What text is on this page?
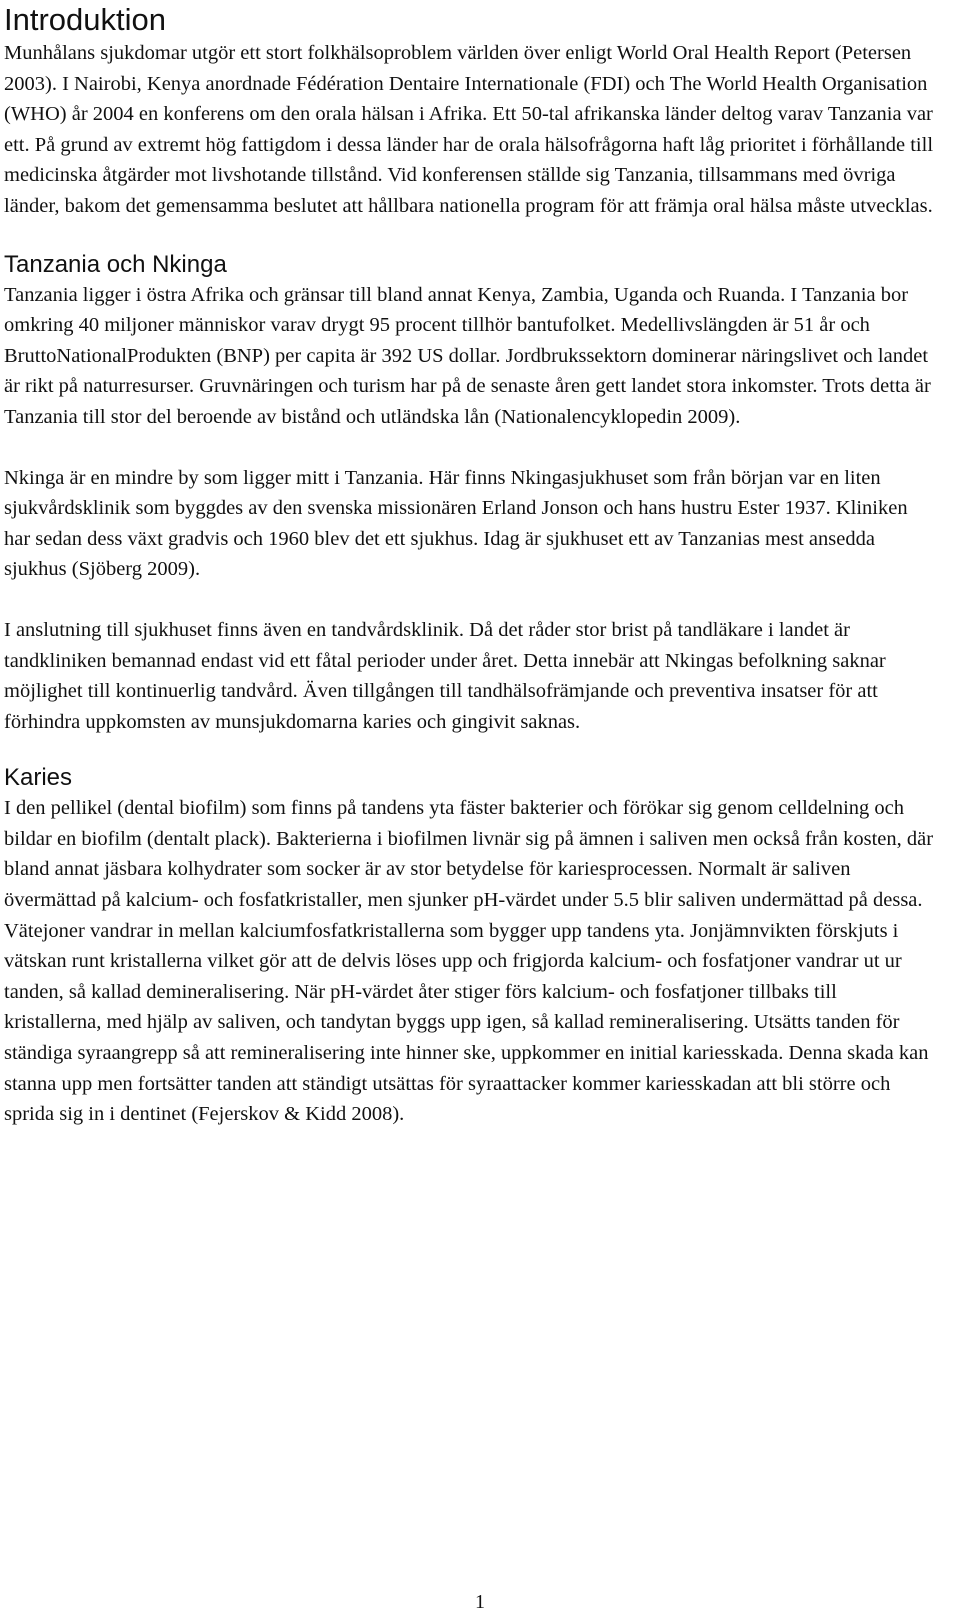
Introduktion

Munhålans sjukdomar utgör ett stort folkhälsoproblem världen över enligt World Oral Health Report (Petersen 2003). I Nairobi, Kenya anordnade Fédération Dentaire Internationale (FDI) och The World Health Organisation (WHO) år 2004 en konferens om den orala hälsan i Afrika. Ett 50-tal afrikanska länder deltog varav Tanzania var ett. På grund av extremt hög fattigdom i dessa länder har de orala hälsofrågorna haft låg prioritet i förhållande till medicinska åtgärder mot livshotande tillstånd. Vid konferensen ställde sig Tanzania, tillsammans med övriga länder, bakom det gemensamma beslutet att hållbara nationella program för att främja oral hälsa måste utvecklas.

Tanzania och Nkinga

Tanzania ligger i östra Afrika och gränsar till bland annat Kenya, Zambia, Uganda och Ruanda. I Tanzania bor omkring 40 miljoner människor varav drygt 95 procent tillhör bantufolket. Medellivslängden är 51 år och BruttoNationalProdukten (BNP) per capita är 392 US dollar. Jordbrukssektorn dominerar näringslivet och landet är rikt på naturresurser. Gruvnäringen och turism har på de senaste åren gett landet stora inkomster. Trots detta är Tanzania till stor del beroende av bistånd och utländska lån (Nationalencyklopedin 2009).

Nkinga är en mindre by som ligger mitt i Tanzania. Här finns Nkingasjukhuset som från början var en liten sjukvårdsklinik som byggdes av den svenska missionären Erland Jonson och hans hustru Ester 1937. Kliniken har sedan dess växt gradvis och 1960 blev det ett sjukhus. Idag är sjukhuset ett av Tanzanias mest ansedda sjukhus (Sjöberg 2009).

I anslutning till sjukhuset finns även en tandvårdsklinik. Då det råder stor brist på tandläkare i landet är tandkliniken bemannad endast vid ett fåtal perioder under året. Detta innebär att Nkingas befolkning saknar möjlighet till kontinuerlig tandvård. Även tillgången till tandhälsofrämjande och preventiva insatser för att förhindra uppkomsten av munsjukdomarna karies och gingivit saknas.

Karies

I den pellikel (dental biofilm) som finns på tandens yta fäster bakterier och förökar sig genom celldelning och bildar en biofilm (dentalt plack). Bakterierna i biofilmen livnär sig på ämnen i saliven men också från kosten, där bland annat jäsbara kolhydrater som socker är av stor betydelse för kariesprocessen. Normalt är saliven övermättad på kalcium- och fosfatkristaller, men sjunker pH-värdet under 5.5 blir saliven undermättad på dessa. Vätejoner vandrar in mellan kalciumfosfatkristallerna som bygger upp tandens yta. Jonjämnvikten förskjuts i vätskan runt kristallerna vilket gör att de delvis löses upp och frigjorda kalcium- och fosfatjoner vandrar ut ur tanden, så kallad demineralisering. När pH-värdet åter stiger förs kalcium- och fosfatjoner tillbaks till kristallerna, med hjälp av saliven, och tandytan byggs upp igen, så kallad remineralisering. Utsätts tanden för ständiga syraangrepp så att remineralisering inte hinner ske, uppkommer en initial kariesskada. Denna skada kan stanna upp men fortsätter tanden att ständigt utsättas för syraattacker kommer kariesskadan att bli större och sprida sig in i dentinet (Fejerskov & Kidd 2008).

1
